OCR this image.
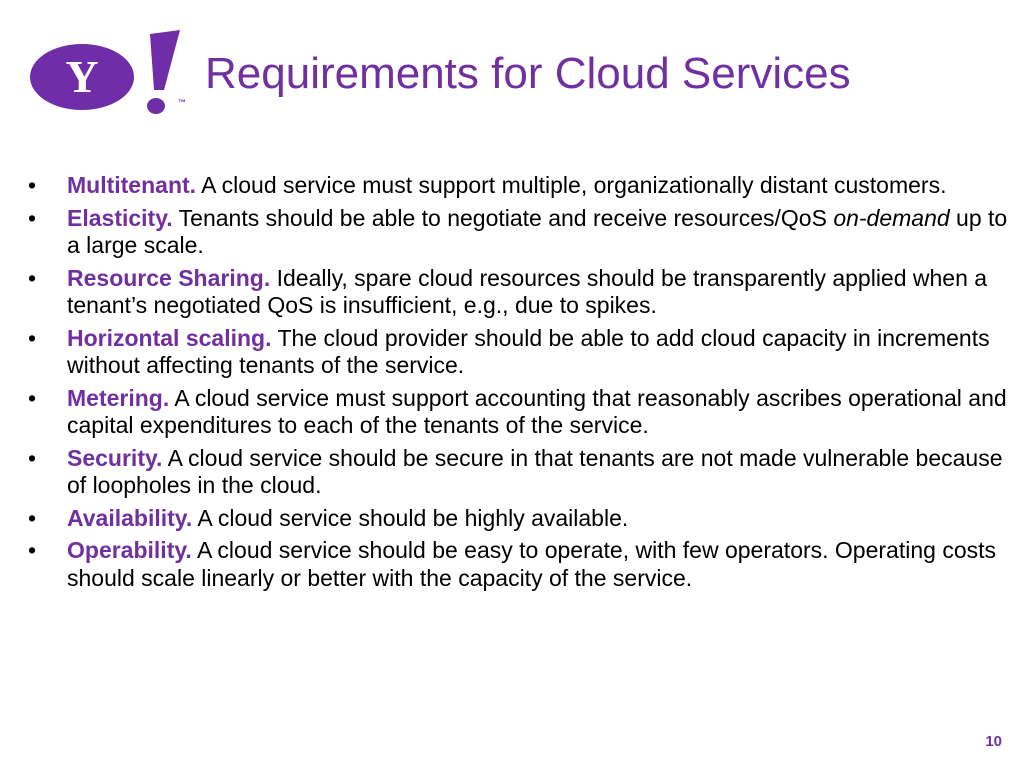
Y
™
Requirements for Cloud Services
•	Multitenant. A cloud service must support multiple, organizationally distant customers.
•	Elasticity. Tenants should be able to negotiate and receive resources/QoS on-demand up to a large scale.
•	Resource Sharing. Ideally, spare cloud resources should be transparently applied when a tenant’s negotiated QoS is insufficient, e.g., due to spikes.
•	Horizontal scaling. The cloud provider should be able to add cloud capacity in increments without affecting tenants of the service.
•	Metering. A cloud service must support accounting that reasonably ascribes operational and capital expenditures to each of the tenants of the service.
•	Security. A cloud service should be secure in that tenants are not made vulnerable because of loopholes in the cloud.
•	Availability. A cloud service should be highly available.
•	Operability. A cloud service should be easy to operate, with few operators. Operating costs should scale linearly or better with the capacity of the service.
10
